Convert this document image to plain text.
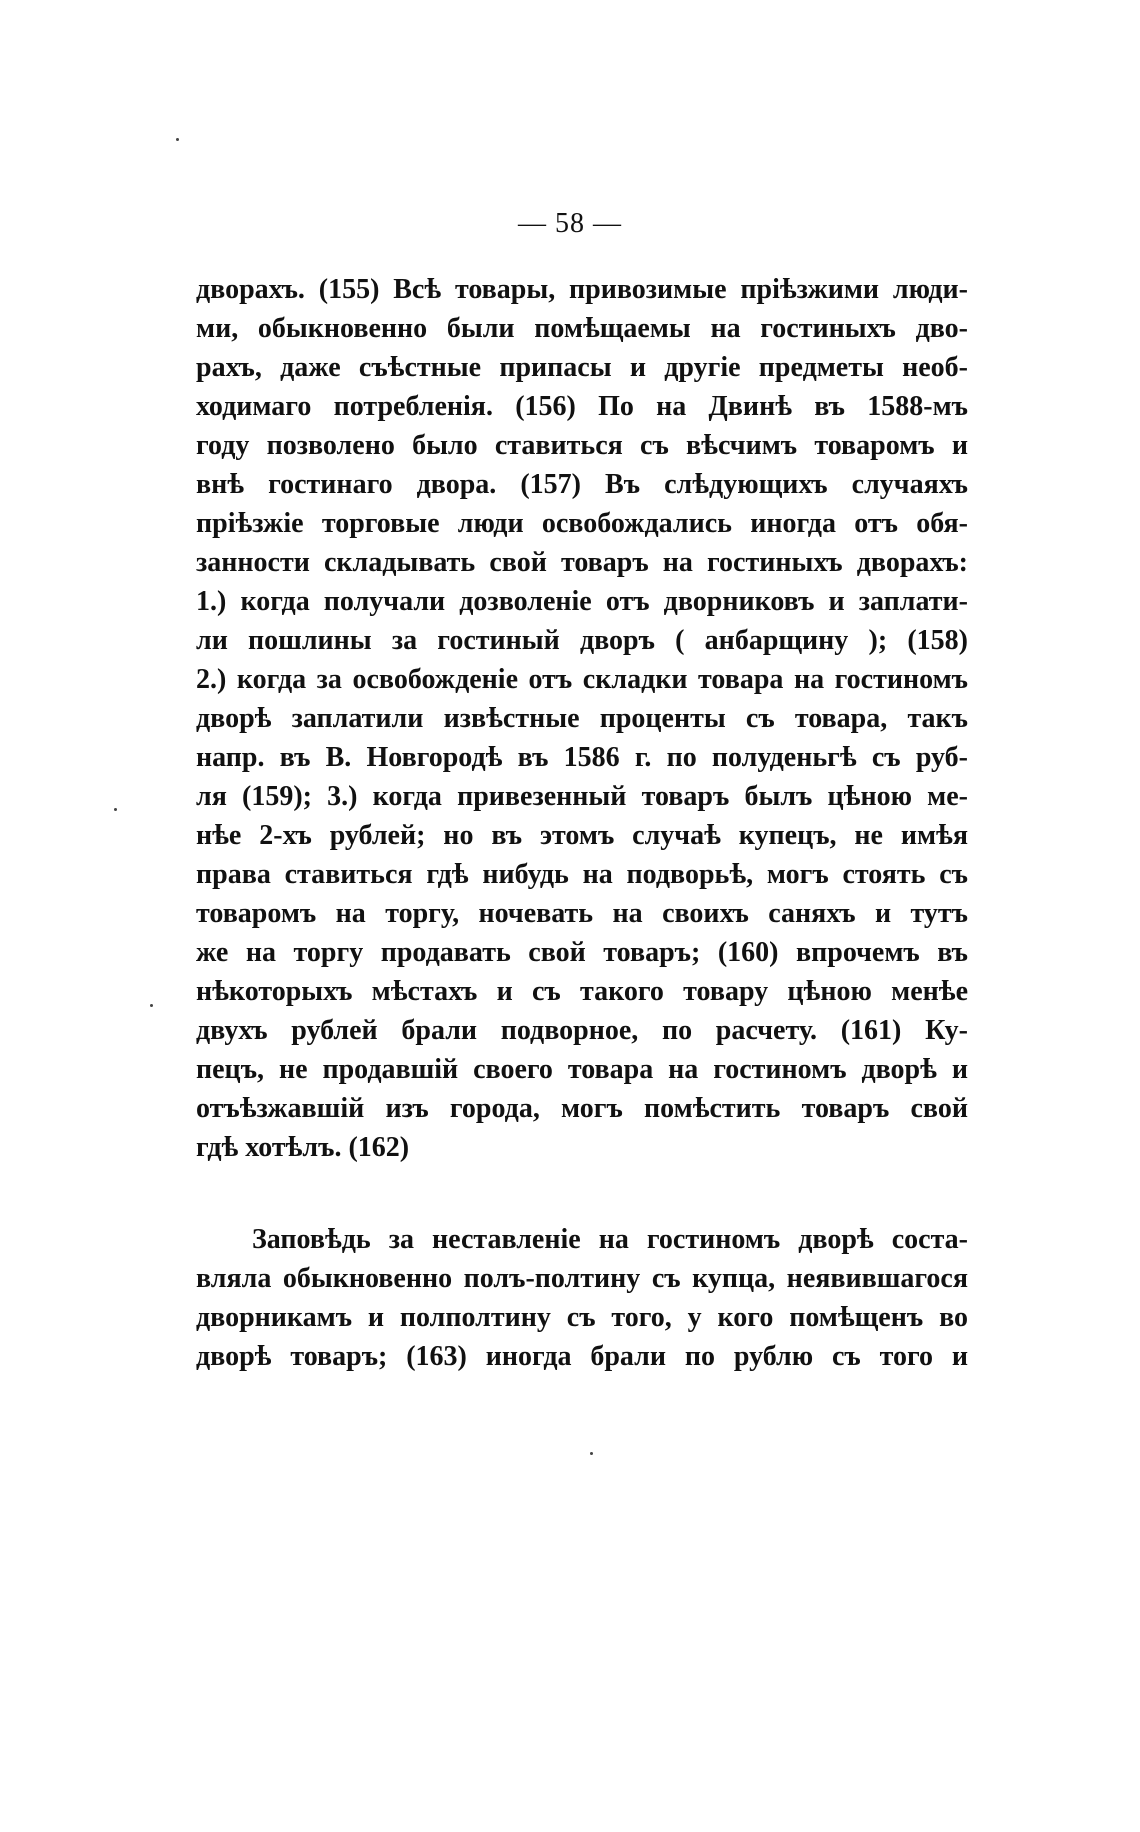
— 58 —
дворахъ. (155) Всѣ товары, привозимые прiѣзжими люди-
ми, обыкновенно были помѣщаемы на гостиныхъ дво-
рахъ, даже съѣстные припасы и другiе предметы необ-
ходимаго потребленiя. (156) По на Двинѣ въ 1588-мъ
году позволено было ставиться съ вѣсчимъ товаромъ и
внѣ гостинаго двора. (157) Въ слѣдующихъ случаяхъ
прiѣзжiе торговые люди освобождались иногда отъ обя-
занности складывать свой товаръ на гостиныхъ дворахъ:
1.) когда получали дозволенiе отъ дворниковъ и заплати-
ли пошлины за гостиный дворъ ( анбарщину ); (158)
2.) когда за освобожденiе отъ складки товара на гостиномъ
дворѣ заплатили извѣстные проценты съ товара, такъ
напр. въ В. Новгородѣ въ 1586 г. по полуденьгѣ съ руб-
ля (159); 3.) когда привезенный товаръ былъ цѣною ме-
нѣе 2-хъ рублей; но въ этомъ случаѣ купецъ, не имѣя
права ставиться гдѣ нибудь на подворьѣ, могъ стоять съ
товаромъ на торгу, ночевать на своихъ саняхъ и тутъ
же на торгу продавать свой товаръ; (160) впрочемъ въ
нѣкоторыхъ мѣстахъ и съ такого товару цѣною менѣе
двухъ рублей брали подворное, по расчету. (161) Ку-
пецъ, не продавшiй своего товара на гостиномъ дворѣ и
отъѣзжавшiй изъ города, могъ помѣстить товаръ свой
гдѣ хотѣлъ. (162)
Заповѣдь за неставленiе на гостиномъ дворѣ соста-
вляла обыкновенно полъ-полтину съ купца, неявившагося
дворникамъ и полполтину съ того, у кого помѣщенъ во
дворѣ товаръ; (163) иногда брали по рублю съ того и
